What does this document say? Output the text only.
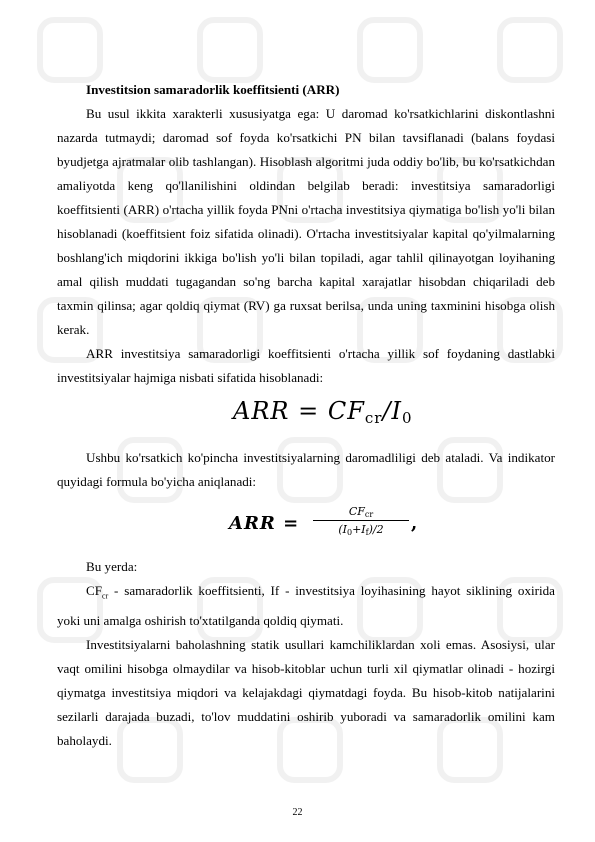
Investitsion samaradorlik koeffitsienti (ARR)

Bu usul ikkita xarakterli xususiyatga ega: U daromad ko'rsatkichlarini diskontlashni nazarda tutmaydi; daromad sof foyda ko'rsatkichi PN bilan tavsiflanadi (balans foydasi byudjetga ajratmalar olib tashlangan). Hisoblash algoritmi juda oddiy bo'lib, bu ko'rsatkichdan amaliyotda keng qo'llanilishini oldindan belgilab beradi: investitsiya samaradorligi koeffitsienti (ARR) o'rtacha yillik foyda PNni o'rtacha investitsiya qiymatiga bo'lish yo'li bilan hisoblanadi (koeffitsient foiz sifatida olinadi). O'rtacha investitsiyalar kapital qo'yilmalarning boshlang'ich miqdorini ikkiga bo'lish yo'li bilan topiladi, agar tahlil qilinayotgan loyihaning amal qilish muddati tugagandan so'ng barcha kapital xarajatlar hisobdan chiqariladi deb taxmin qilinsa; agar qoldiq qiymat (RV) ga ruxsat berilsa, unda uning taxminini hisobga olish kerak.

ARR investitsiya samaradorligi koeffitsienti o'rtacha yillik sof foydaning dastlabki investitsiyalar hajmiga nisbati sifatida hisoblanadi:

ARR = $CF_{cr}/I_0$

Ushbu ko'rsatkich ko'pincha investitsiyalarning daromadliligi deb ataladi. Va indikator quyidagi formula bo'yicha aniqlanadi:

ARR =
$CF_{cr}$
$(I_0+I_f)/2$	,

Bu yerda:

$CF_{cr}$ - samaradorlik koeffitsienti, If - investitsiya loyihasining hayot siklining oxirida yoki uni amalga oshirish to'xtatilganda qoldiq qiymati.

Investitsiyalarni baholashning statik usullari kamchiliklardan xoli emas. Asosiysi, ular vaqt omilini hisobga olmaydilar va hisob-kitoblar uchun turli xil qiymatlar olinadi - hozirgi qiymatga investitsiya miqdori va kelajakdagi qiymatdagi foyda. Bu hisob-kitob natijalarini sezilarli darajada buzadi, to'lov muddatini oshirib yuboradi va samaradorlik omilini kam baholaydi.

22
